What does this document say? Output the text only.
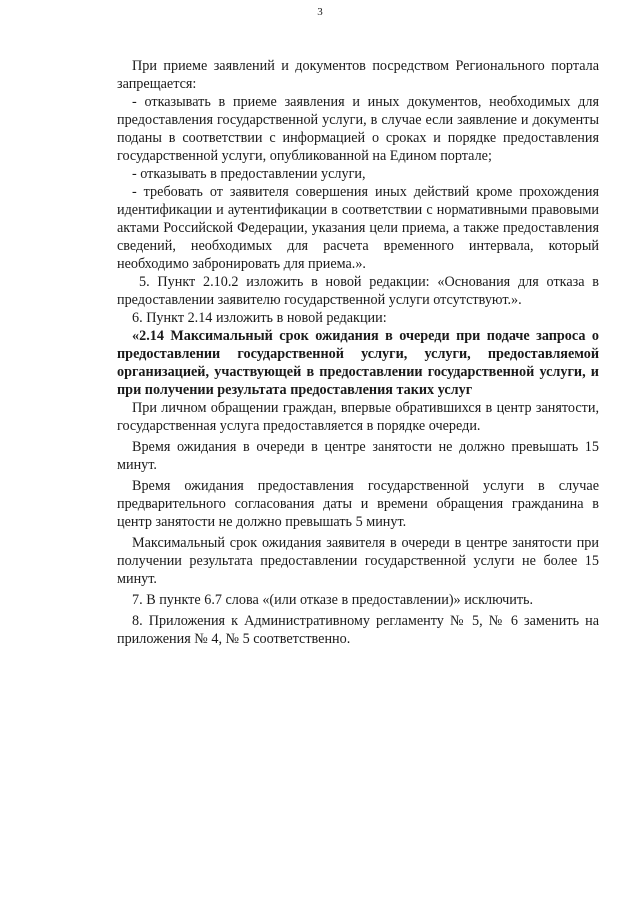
3

При приеме заявлений и документов посредством Регионального портала запрещается:

- отказывать в приеме заявления и иных документов, необходимых для предоставления государственной услуги, в случае если заявление и документы поданы в соответствии с информацией о сроках и порядке предоставления государственной услуги, опубликованной на Едином портале;

- отказывать в предоставлении услуги,

- требовать от заявителя совершения иных действий кроме прохождения идентификации и аутентификации в соответствии с нормативными правовыми актами Российской Федерации, указания цели приема, а также предоставления сведений, необходимых для расчета временного интервала, который необходимо забронировать для приема.».

5. Пункт 2.10.2 изложить в новой редакции: «Основания для отказа в предоставлении заявителю государственной услуги отсутствуют.».

6. Пункт 2.14 изложить в новой редакции:

«2.14 Максимальный срок ожидания в очереди при подаче запроса о предоставлении государственной услуги, услуги, предоставляемой организацией, участвующей в предоставлении государственной услуги, и при получении результата предоставления таких услуг

При личном обращении граждан, впервые обратившихся в центр занятости, государственная услуга предоставляется в порядке очереди.

Время ожидания в очереди в центре занятости не должно превышать 15 минут.

Время ожидания предоставления государственной услуги в случае предварительного согласования даты и времени обращения гражданина в центр занятости не должно превышать 5 минут.

Максимальный срок ожидания заявителя в очереди в центре занятости при получении результата предоставлении государственной услуги не более 15 минут.

7. В пункте 6.7 слова «(или отказе в предоставлении)» исключить.

8. Приложения к Административному регламенту № 5, № 6 заменить на приложения № 4, № 5 соответственно.
